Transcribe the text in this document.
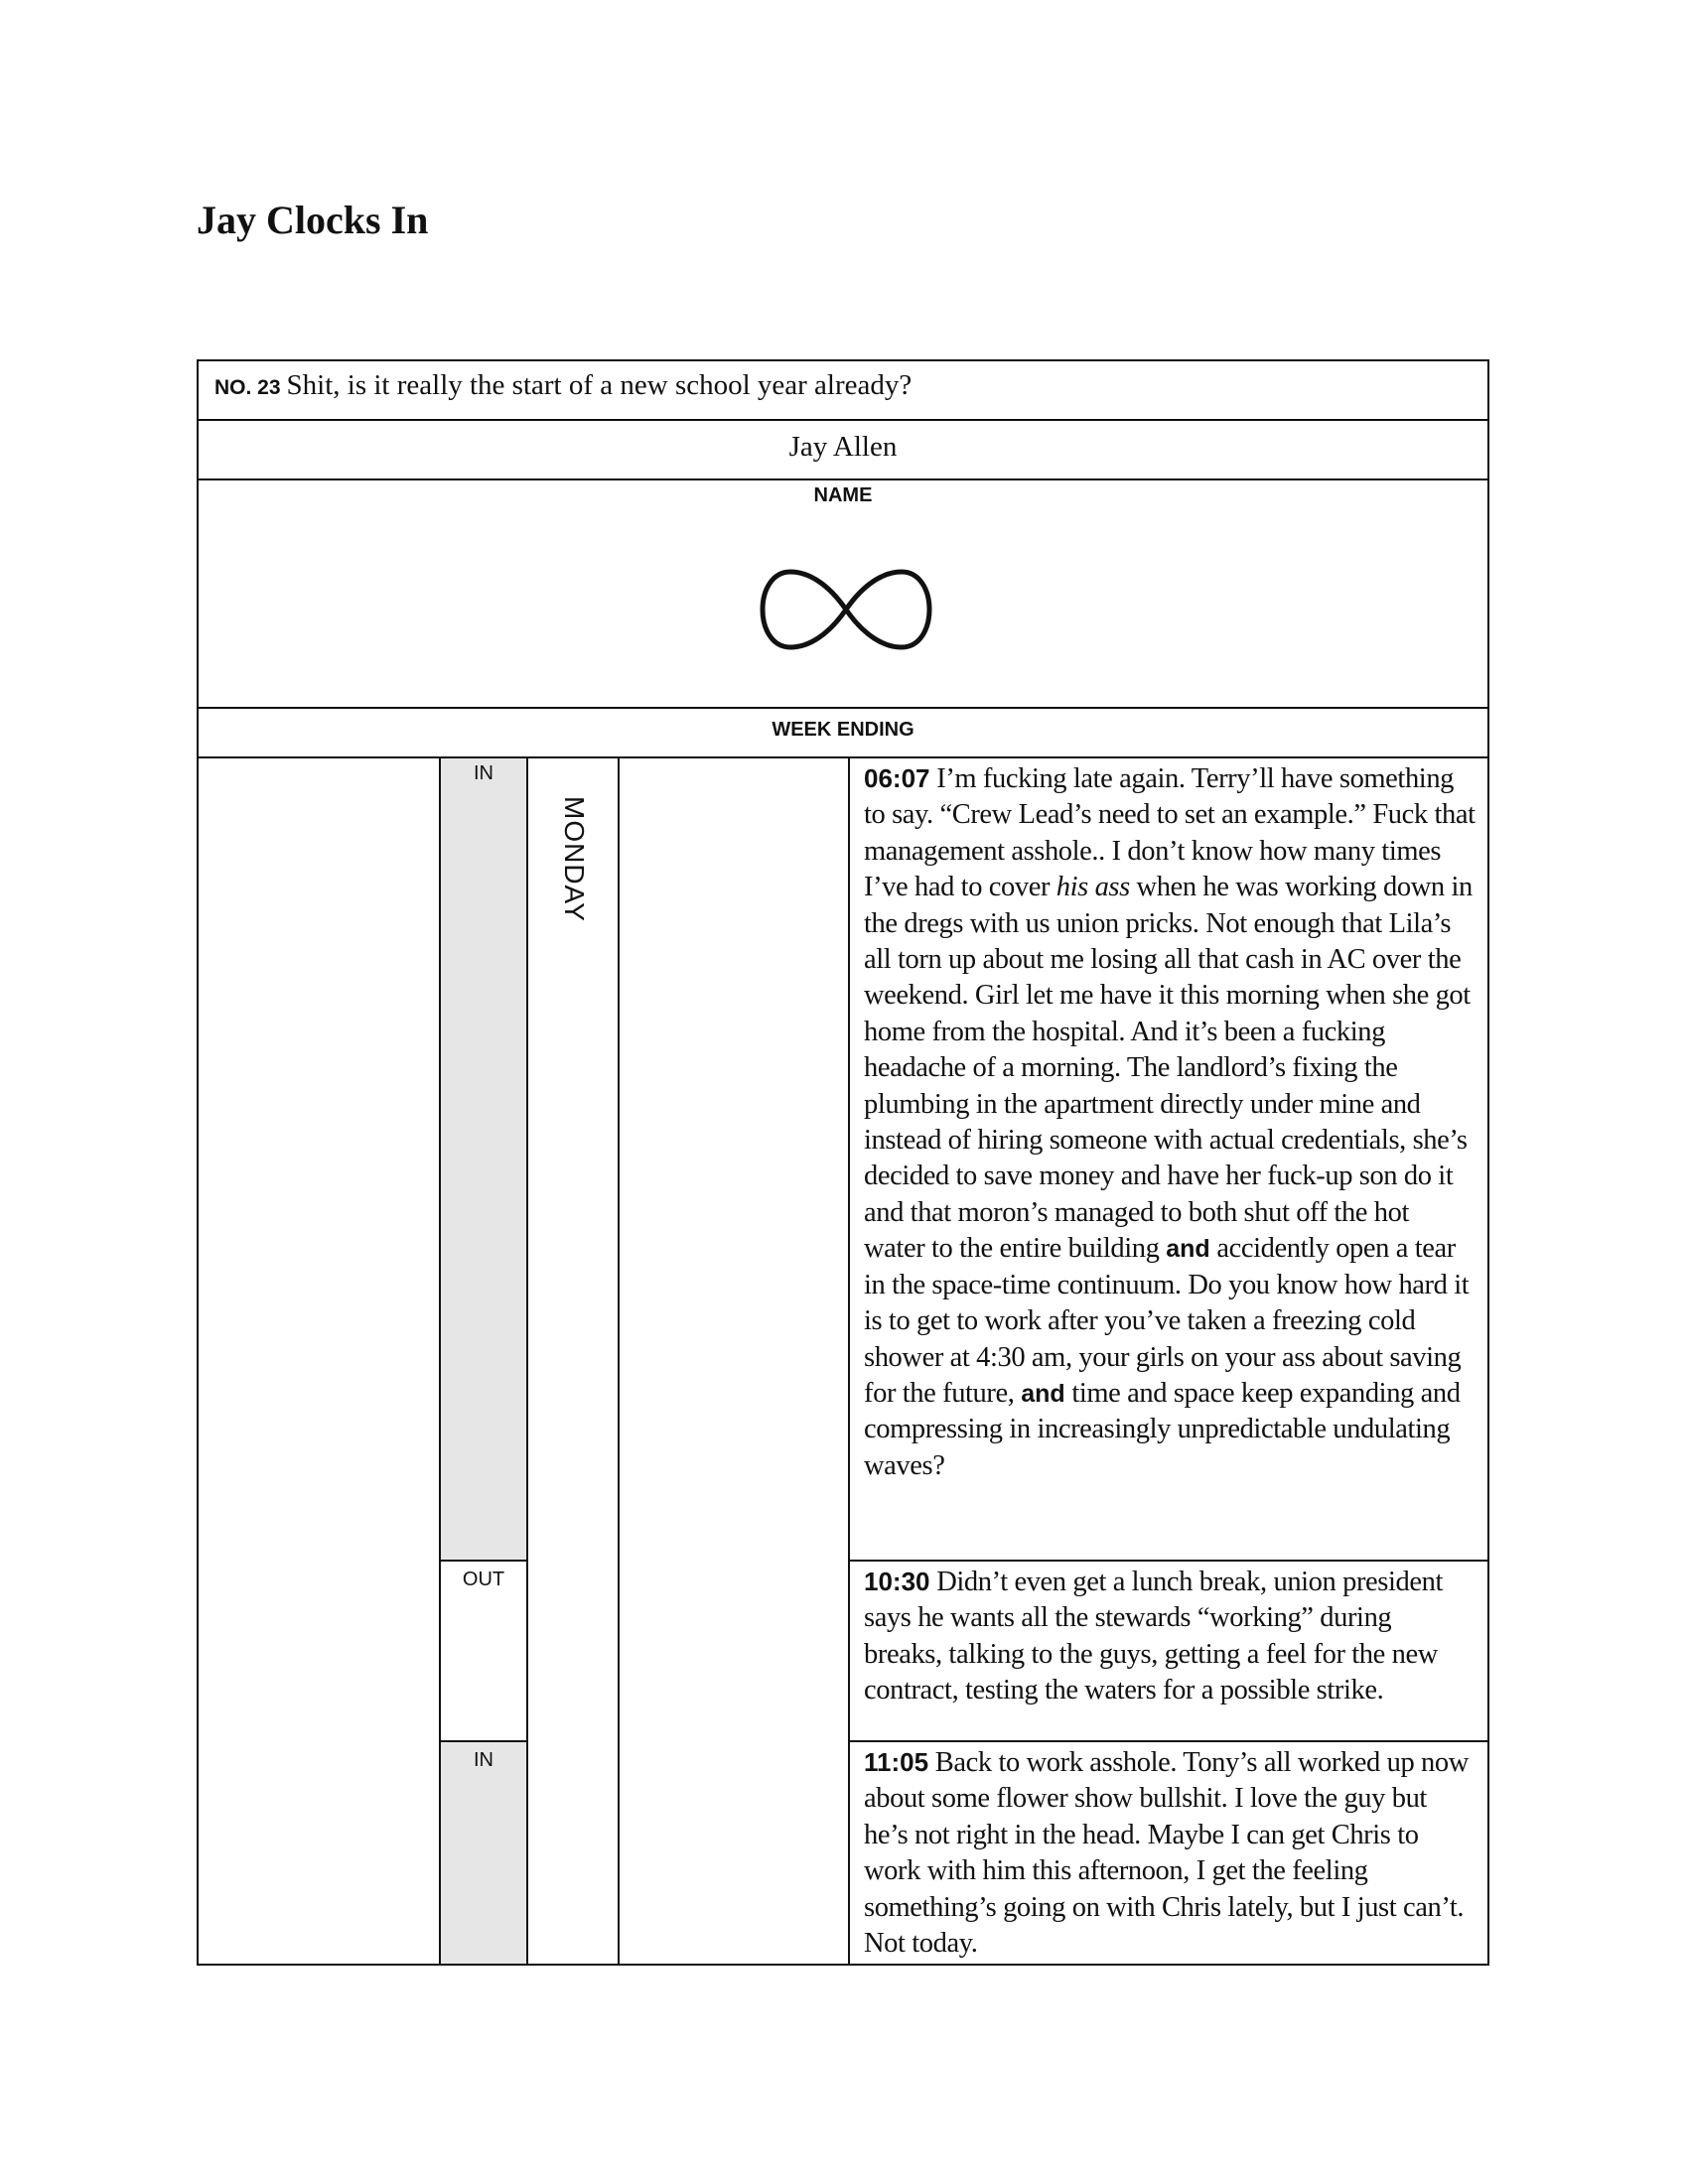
Jay Clocks In
NO. 23 Shit, is it really the start of a new school year already?
Jay Allen
NAME
WEEK ENDING
IN
OUT
IN
MONDAY
06:07 I’m fucking late again. Terry’ll have something to say. “Crew Lead’s need to set an example.” Fuck that management asshole.. I don’t know how many times I’ve had to cover his ass when he was working down in the dregs with us union pricks. Not enough that Lila’s all torn up about me losing all that cash in AC over the weekend. Girl let me have it this morning when she got home from the hospital. And it’s been a fucking headache of a morning. The landlord’s fixing the plumbing in the apartment directly under mine and instead of hiring someone with actual credentials, she’s decided to save money and have her fuck-up son do it and that moron’s managed to both shut off the hot water to the entire building and accidently open a tear in the space-time continuum. Do you know how hard it is to get to work after you’ve taken a freezing cold shower at 4:30 am, your girls on your ass about saving for the future, and time and space keep expanding and compressing in increasingly unpredictable undulating waves?
10:30 Didn’t even get a lunch break, union president says he wants all the stewards “working” during breaks, talking to the guys, getting a feel for the new contract, testing the waters for a possible strike.
11:05 Back to work asshole. Tony’s all worked up now about some flower show bullshit. I love the guy but he’s not right in the head. Maybe I can get Chris to work with him this afternoon, I get the feeling something’s going on with Chris lately, but I just can’t. Not today.
